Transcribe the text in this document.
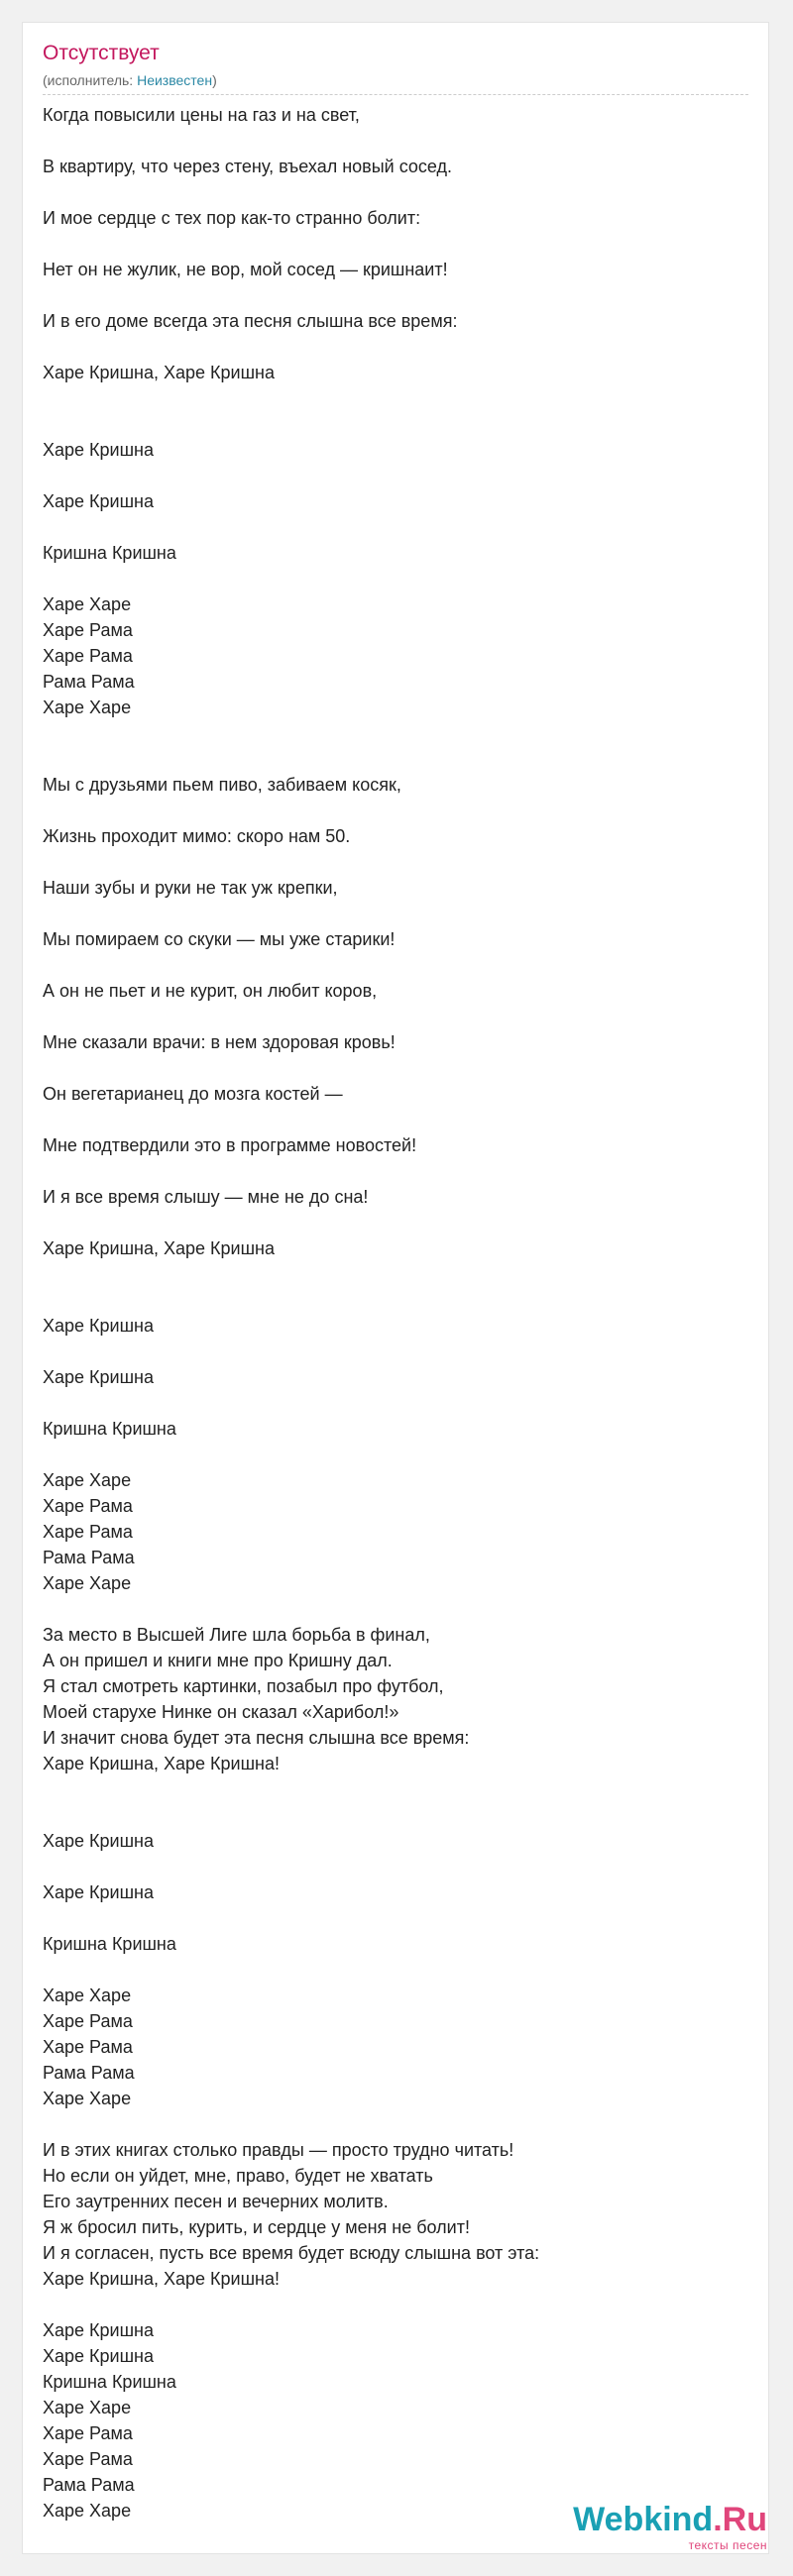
Отсутствует
(исполнитель: Неизвестен)
Когда повысили цены на газ и на свет,
В квартиру, что через стену, въехал новый сосед.
И мое сердце с тех пор как-то странно болит:
Нет он не жулик, не вор, мой сосед — кришнаит!
И в его доме всегда эта песня слышна все время:
Харе Кришна, Харе Кришна
Харе Кришна
Харе Кришна
Кришна Кришна
Харе Харе
Харе Рама
Харе Рама
Рама Рама
Харе Харе
Мы с друзьями пьем пиво, забиваем косяк,
Жизнь проходит мимо: скоро нам 50.
Наши зубы и руки не так уж крепки,
Мы помираем со скуки — мы уже старики!
А он не пьет и не курит, он любит коров,
Мне сказали врачи: в нем здоровая кровь!
Он вегетарианец до мозга костей —
Мне подтвердили это в программе новостей!
И я все время слышу — мне не до сна!
Харе Кришна, Харе Кришна
Харе Кришна
Харе Кришна
Кришна Кришна
Харе Харе
Харе Рама
Харе Рама
Рама Рама
Харе Харе
За место в Высшей Лиге шла борьба в финал,
А он пришел и книги мне про Кришну дал.
Я стал смотреть картинки, позабыл про футбол,
Моей старухе Нинке он сказал «Харибол!»
И значит снова будет эта песня слышна все время:
Харе Кришна, Харе Кришна!
Харе Кришна
Харе Кришна
Кришна Кришна
Харе Харе
Харе Рама
Харе Рама
Рама Рама
Харе Харе
И в этих книгах столько правды — просто трудно читать!
Но если он уйдет, мне, право, будет не хватать
Его заутренних песен и вечерних молитв.
Я ж бросил пить, курить, и сердце у меня не болит!
И я согласен, пусть все время будет всюду слышна вот эта:
Харе Кришна, Харе Кришна!
Харе Кришна
Харе Кришна
Кришна Кришна
Харе Харе
Харе Рама
Харе Рама
Рама Рама
Харе Харе	Webkind.Ru
тексты песен
